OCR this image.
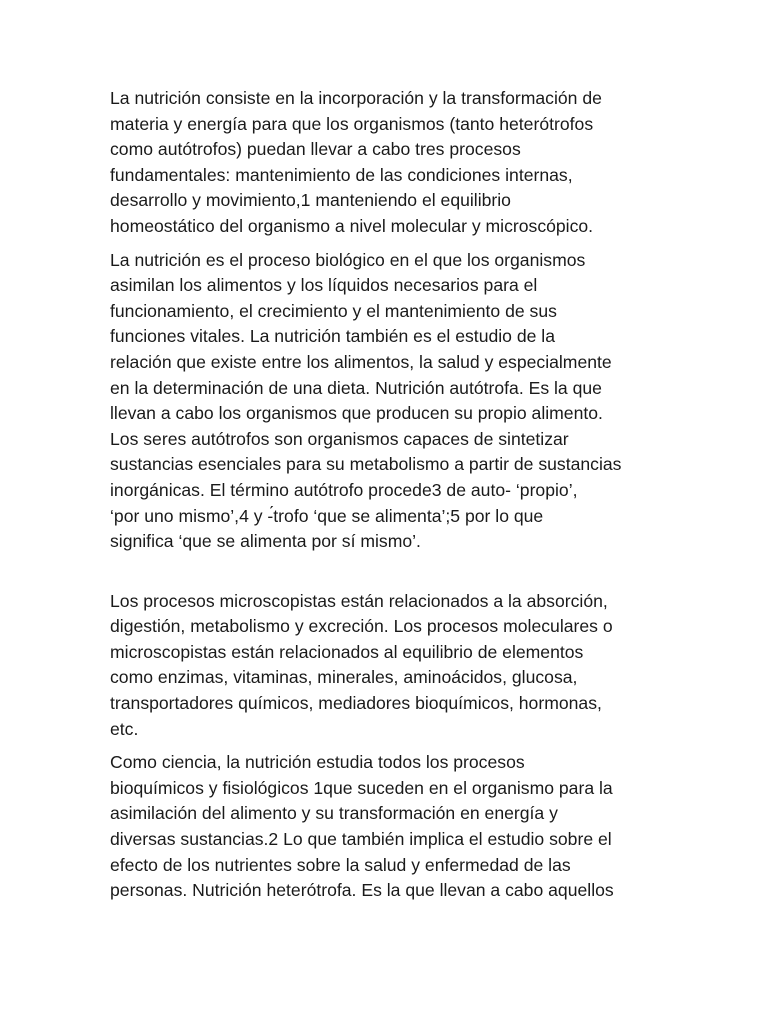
La nutrición consiste en la incorporación y la transformación de
materia y energía para que los organismos (tanto heterótrofos
como autótrofos) puedan llevar a cabo tres procesos
fundamentales: mantenimiento de las condiciones internas,
desarrollo y movimiento,1 manteniendo el equilibrio
homeostático del organismo a nivel molecular y microscópico.
La nutrición es el proceso biológico en el que los organismos
asimilan los alimentos y los líquidos necesarios para el
funcionamiento, el crecimiento y el mantenimiento de sus
funciones vitales. La nutrición también es el estudio de la
relación que existe entre los alimentos, la salud y especialmente
en la determinación de una dieta. Nutrición autótrofa. Es la que
llevan a cabo los organismos que producen su propio alimento.
Los seres autótrofos son organismos capaces de sintetizar
sustancias esenciales para su metabolismo a partir de sustancias
inorgánicas. El término autótrofo procede3 de auto- ‘propio’,
‘por uno mismo’,4 y -́trofo ‘que se alimenta’;5 por lo que
significa ‘que se alimenta por sí mismo’.
Los procesos microscopistas están relacionados a la absorción,
digestión, metabolismo y excreción. Los procesos moleculares o
microscopistas están relacionados al equilibrio de elementos
como enzimas, vitaminas, minerales, aminoácidos, glucosa,
transportadores químicos, mediadores bioquímicos, hormonas,
etc.
Como ciencia, la nutrición estudia todos los procesos
bioquímicos y fisiológicos 1que suceden en el organismo para la
asimilación del alimento y su transformación en energía y
diversas sustancias.2 Lo que también implica el estudio sobre el
efecto de los nutrientes sobre la salud y enfermedad de las
personas. Nutrición heterótrofa. Es la que llevan a cabo aquellos
